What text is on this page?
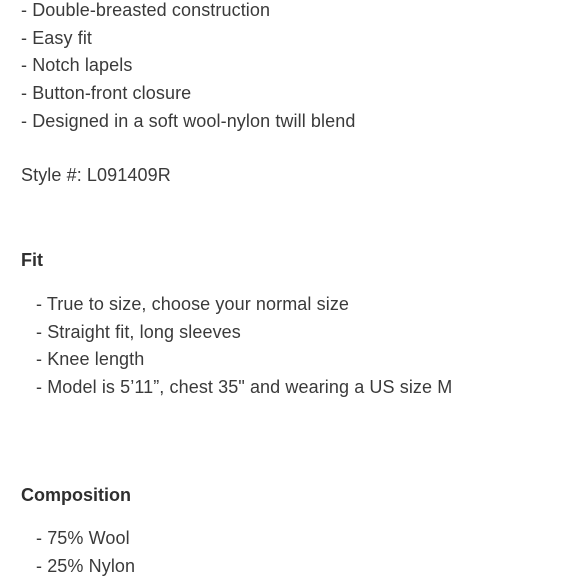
- Double-breasted construction
- Easy fit
- Notch lapels
- Button-front closure
- Designed in a soft wool-nylon twill blend
Style #: L091409R
Fit
- True to size, choose your normal size
- Straight fit, long sleeves
- Knee length
- Model is 5’11”, chest 35" and wearing a US size M
Composition
- 75% Wool
- 25% Nylon
